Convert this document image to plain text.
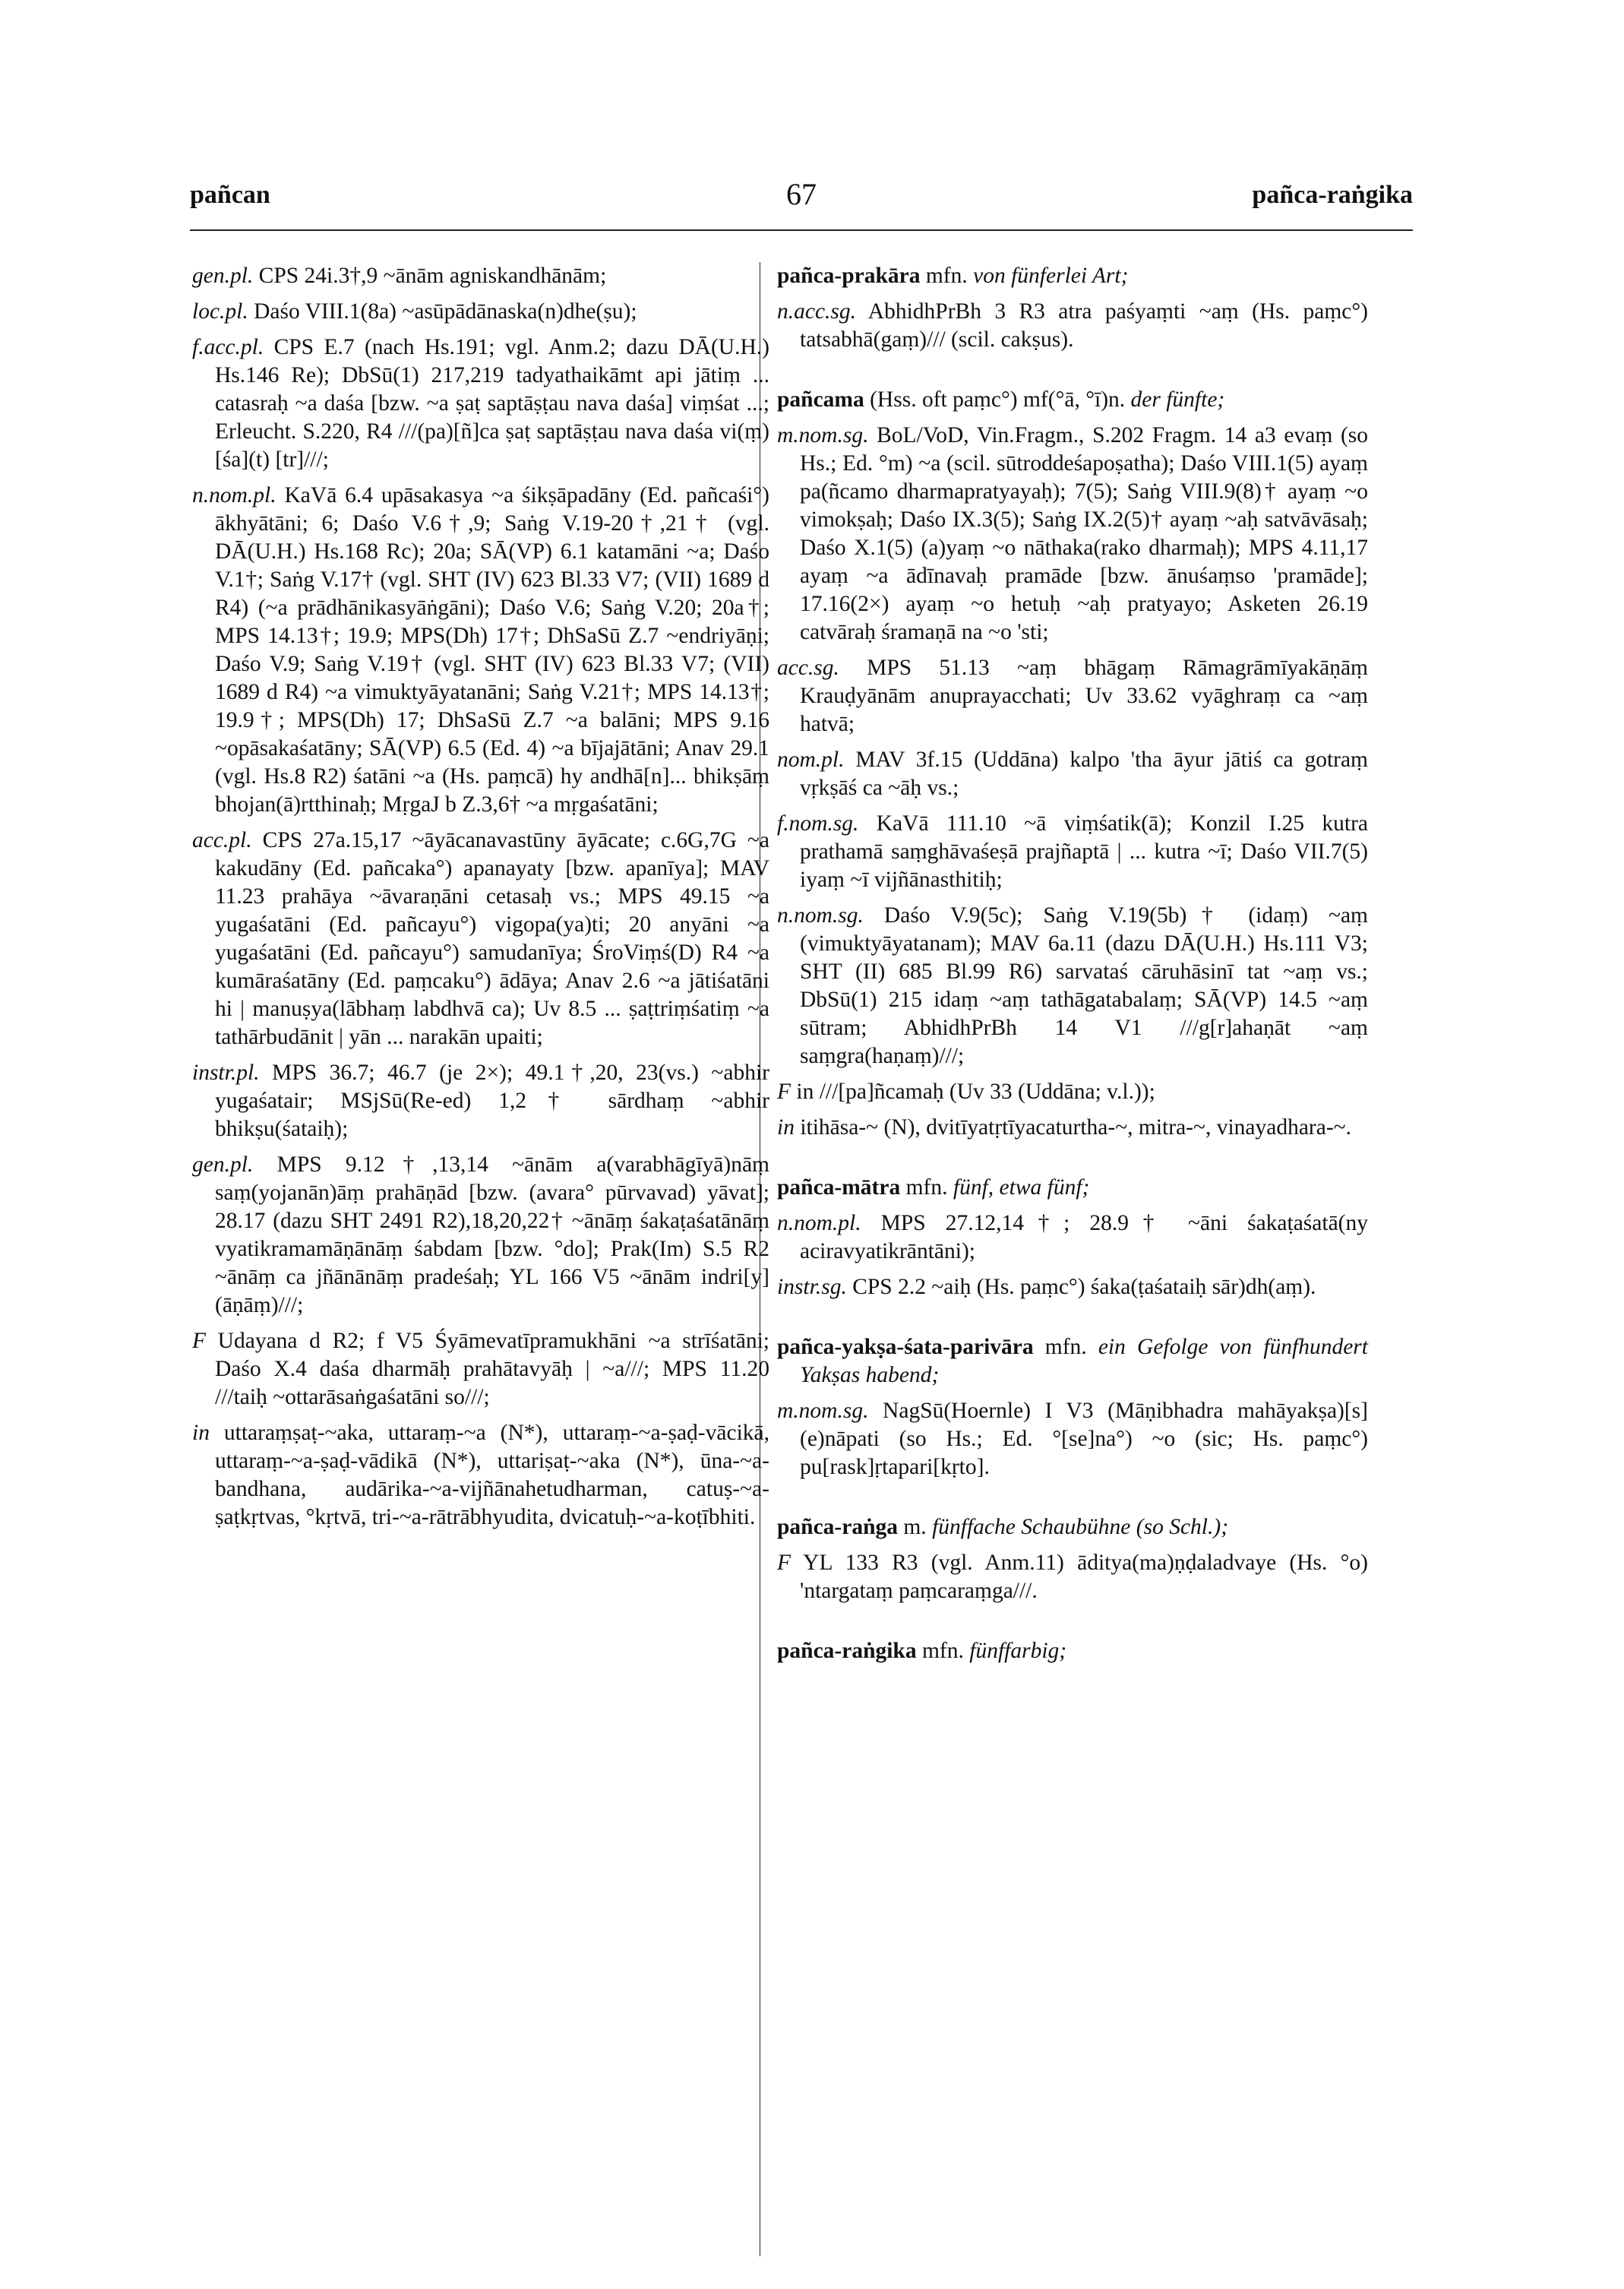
pañcan	67	pañca-raṅgika

gen.pl. CPS 24i.3†,9 ~ānām agniskandhānām;

loc.pl. Daśo VIII.1(8a) ~asūpādānaska(n)dhe(ṣu);

f.acc.pl. CPS E.7 (nach Hs.191; vgl. Anm.2; dazu DĀ(U.H.) Hs.146 Re); DbSū(1) 217,219 tadyathaikāmt api jātiṃ ... catasraḥ ~a daśa [bzw. ~a ṣaṭ saptāṣṭau nava daśa] viṃśat ...; Erleucht. S.220, R4 ///(pa)[ñ]ca ṣaṭ saptāṣṭau nava daśa vi(ṃ)[śa](t) [tr]///;

n.nom.pl. KaVā 6.4 upāsakasya ~a śikṣāpadāny (Ed. pañcaśi°) ākhyātāni; 6; Daśo V.6†,9; Saṅg V.19-20†,21† (vgl. DĀ(U.H.) Hs.168 Rc); 20a; SĀ(VP) 6.1 katamāni ~a; Daśo V.1†; Saṅg V.17† (vgl. SHT (IV) 623 Bl.33 V7; (VII) 1689 d R4) (~a prādhānikasyāṅgāni); Daśo V.6; Saṅg V.20; 20a†; MPS 14.13†; 19.9; MPS(Dh) 17†; DhSaSū Z.7 ~endriyāṇi; Daśo V.9; Saṅg V.19† (vgl. SHT (IV) 623 Bl.33 V7; (VII) 1689 d R4) ~a vimuktyāyatanāni; Saṅg V.21†; MPS 14.13†; 19.9†; MPS(Dh) 17; DhSaSū Z.7 ~a balāni; MPS 9.16 ~opāsakaśatāny; SĀ(VP) 6.5 (Ed. 4) ~a bījajātāni; Anav 29.1 (vgl. Hs.8 R2) śatāni ~a (Hs. paṃcā) hy andhā[n]... bhikṣāṃ bhojan(ā)rtthinaḥ; MṛgaJ b Z.3,6† ~a mṛgaśatāni;

acc.pl. CPS 27a.15,17 ~āyācanavastūny āyācate; c.6G,7G ~a kakudāny (Ed. pañcaka°) apanayaty [bzw. apanīya]; MAV 11.23 prahāya ~āvaraṇāni cetasaḥ vs.; MPS 49.15 ~a yugaśatāni (Ed. pañcayu°) vigopa(ya)ti; 20 anyāni ~a yugaśatāni (Ed. pañcayu°) samudanīya; ŚroViṃś(D) R4 ~a kumāraśatāny (Ed. paṃcaku°) ādāya; Anav 2.6 ~a jātiśatāni hi | manuṣya(lābhaṃ labdhvā ca); Uv 8.5 ... ṣaṭtriṃśatiṃ ~a tathārbudānit | yān ... narakān upaiti;

instr.pl. MPS 36.7; 46.7 (je 2×); 49.1†,20, 23(vs.) ~abhir yugaśatair; MSjSū(Re-ed) 1,2† sārdhaṃ ~abhir bhikṣu(śataiḥ);

gen.pl. MPS 9.12†,13,14 ~ānām a(varabhāgīyā)nāṃ saṃ(yojanān)āṃ prahāṇād [bzw. (avara° pūrvavad) yāvat]; 28.17 (dazu SHT 2491 R2),18,20,22† ~ānāṃ śakaṭaśatānāṃ vyatikramamāṇānāṃ śabdam [bzw. °do]; Prak(Im) S.5 R2 ~ānāṃ ca jñānānāṃ pradeśaḥ; YL 166 V5 ~ānām indri[y](āṇāṃ)///;

F Udayana d R2; f V5 Śyāmevatīpramukhāni ~a strīśatāni; Daśo X.4 daśa dharmāḥ prahātavyāḥ | ~a///; MPS 11.20 ///taiḥ ~ottarāsaṅgaśatāni so///;

in uttaraṃṣaṭ-~aka, uttaraṃ-~a (N*), uttaraṃ-~a-ṣaḍ-vācikā, uttaraṃ-~a-ṣaḍ-vādikā (N*), uttariṣaṭ-~aka (N*), ūna-~a-bandhana, audārika-~a-vijñānahetudharman, catuṣ-~a-ṣaṭkṛtvas, °kṛtvā, tri-~a-rātrābhyudita, dvicatuḥ-~a-koṭībhiti.

pañca-prakāra mfn. von fünferlei Art;

n.acc.sg. AbhidhPrBh 3 R3 atra paśyaṃti ~aṃ (Hs. paṃc°) tatsabhā(gaṃ)/// (scil. cakṣus).

pañcama (Hss. oft paṃc°) mf(°ā, °ī)n. der fünfte;

m.nom.sg. BoL/VoD, Vin.Fragm., S.202 Fragm. 14 a3 evaṃ (so Hs.; Ed. °m) ~a (scil. sūtroddeśapoṣatha); Daśo VIII.1(5) ayaṃ pa(ñcamo dharmapratyayaḥ); 7(5); Saṅg VIII.9(8)† ayaṃ ~o vimokṣaḥ; Daśo IX.3(5); Saṅg IX.2(5)† ayaṃ ~aḥ satvāvāsaḥ; Daśo X.1(5) (a)yaṃ ~o nāthaka(rako dharmaḥ); MPS 4.11,17 ayaṃ ~a ādīnavaḥ pramāde [bzw. ānuśaṃso 'pramāde]; 17.16(2×) ayaṃ ~o hetuḥ ~aḥ pratyayo; Asketen 26.19 catvāraḥ śramaṇā na ~o 'sti;

acc.sg. MPS 51.13 ~aṃ bhāgaṃ Rāmagrāmīyakāṇāṃ Krauḍyānām anuprayacchati; Uv 33.62 vyāghraṃ ca ~aṃ hatvā;

nom.pl. MAV 3f.15 (Uddāna) kalpo 'tha āyur jātiś ca gotraṃ vṛkṣāś ca ~āḥ vs.;

f.nom.sg. KaVā 111.10 ~ā viṃśatik(ā); Konzil I.25 kutra prathamā saṃghāvaśeṣā prajñaptā | ... kutra ~ī; Daśo VII.7(5) iyaṃ ~ī vijñānasthitiḥ;

n.nom.sg. Daśo V.9(5c); Saṅg V.19(5b)† (idaṃ) ~aṃ (vimuktyāyatanam); MAV 6a.11 (dazu DĀ(U.H.) Hs.111 V3; SHT (II) 685 Bl.99 R6) sarvataś cāruhāsinī tat ~aṃ vs.; DbSū(1) 215 idaṃ ~aṃ tathāgatabalaṃ; SĀ(VP) 14.5 ~aṃ sūtram; AbhidhPrBh 14 V1 ///g[r]ahaṇāt ~aṃ saṃgra(haṇaṃ)///;

F in ///[pa]ñcamaḥ (Uv 33 (Uddāna; v.l.));

in itihāsa-~ (N), dvitīyatṛtīyacaturtha-~, mitra-~, vinayadhara-~.

pañca-mātra mfn. fünf, etwa fünf;

n.nom.pl. MPS 27.12,14†; 28.9† ~āni śakaṭaśatā(ny aciravyatikrāntāni);

instr.sg. CPS 2.2 ~aiḥ (Hs. paṃc°) śaka(ṭaśataiḥ sār)dh(aṃ).

pañca-yakṣa-śata-parivāra mfn. ein Gefolge von fünfhundert Yakṣas habend;

m.nom.sg. NagSū(Hoernle) I V3 (Māṇibhadra mahāyakṣa)[s](e)nāpati (so Hs.; Ed. °[se]na°) ~o (sic; Hs. paṃc°) pu[rask]ṛtapari[kṛto].

pañca-raṅga m. fünffache Schaubühne (so Schl.);

F YL 133 R3 (vgl. Anm.11) āditya(ma)ṇḍaladvaye (Hs. °o) 'ntargataṃ paṃcaraṃga///.

pañca-raṅgika mfn. fünffarbig;
